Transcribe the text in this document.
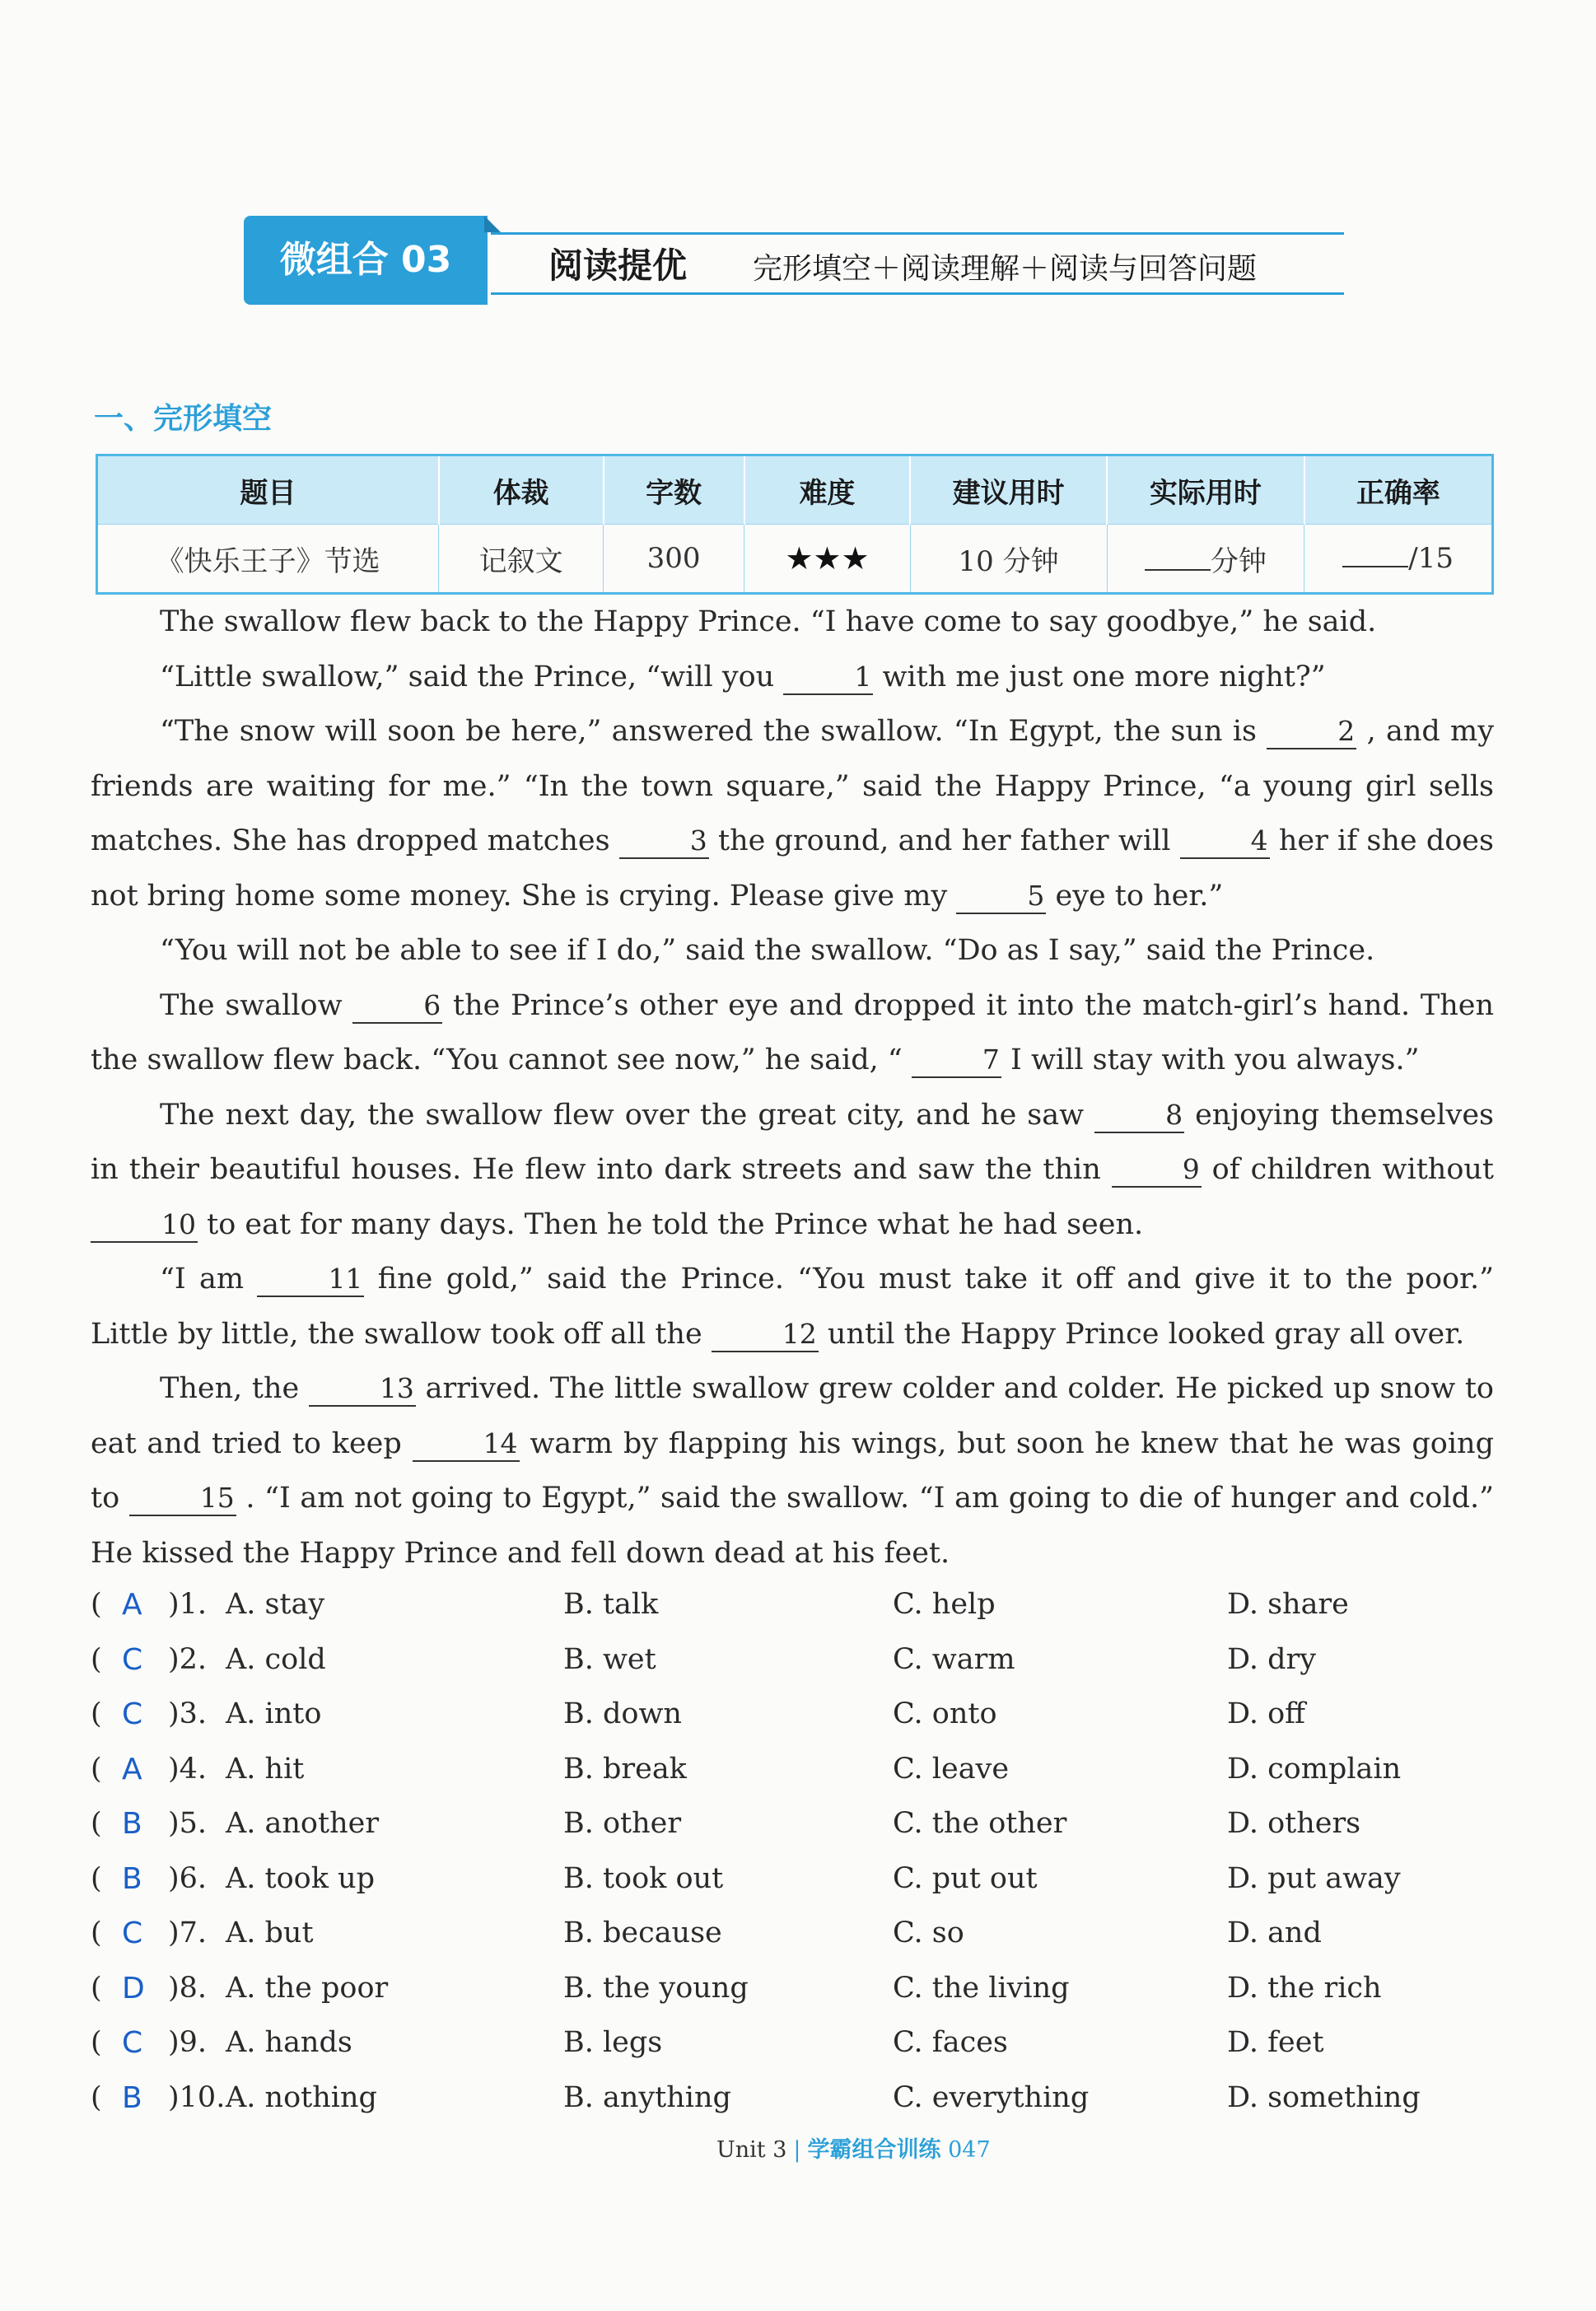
微组合 03	阅读提优 完形填空＋阅读理解＋阅读与回答问题
一、完形填空
题目	体裁	字数	难度	建议用时	实际用时	正确率
《快乐王子》节选	记叙文	300	★★★	10 分钟	分钟	/15

The swallow flew back to the Happy Prince. “I have come to say goodbye,” he said.

“Little swallow,” said the Prince, “will you	1 with me just one more night?”

“The snow will soon be here,” answered the swallow. “In Egypt, the sun is	2 , and my friends are waiting for me.” “In the town square,” said the Happy Prince, “a young girl sells matches. She has dropped matches	3 the ground, and her father will	4 her if she does not bring home some money. She is crying. Please give my	5 eye to her.”

“You will not be able to see if I do,” said the swallow. “Do as I say,” said the Prince.

The swallow	6 the Prince’s other eye and dropped it into the match-girl’s hand. Then the swallow flew back. “You cannot see now,” he said, “	7 I will stay with you always.”

The next day, the swallow flew over the great city, and he saw	8 enjoying themselves in their beautiful houses. He flew into dark streets and saw the thin	9 of children without 10 to eat for many days. Then he told the Prince what he had seen.

“I am	11 fine gold,” said the Prince. “You must take it off and give it to the poor.” Little by little, the swallow took off all the	12 until the Happy Prince looked gray all over.

Then, the	13 arrived. The little swallow grew colder and colder. He picked up snow to eat and tried to keep	14 warm by flapping his wings, but soon he knew that he was going to	15 . “I am not going to Egypt,” said the swallow. “I am going to die of hunger and cold.” He kissed the Happy Prince and fell down dead at his feet.

( A )1. A. stay	B. talk	C. help	D. share
( C )2. A. cold	B. wet	C. warm	D. dry
( C )3. A. into	B. down	C. onto	D. off
( A )4. A. hit	B. break	C. leave	D. complain
( B )5. A. another	B. other	C. the other	D. others
( B )6. A. took up	B. took out	C. put out	D. put away
( C )7. A. but	B. because	C. so	D. and
( D )8. A. the poor	B. the young	C. the living	D. the rich
( C )9. A. hands	B. legs	C. faces	D. feet
( B )10. A. nothing	B. anything	C. everything	D. something
Unit 3 | 学霸组合训练 047
